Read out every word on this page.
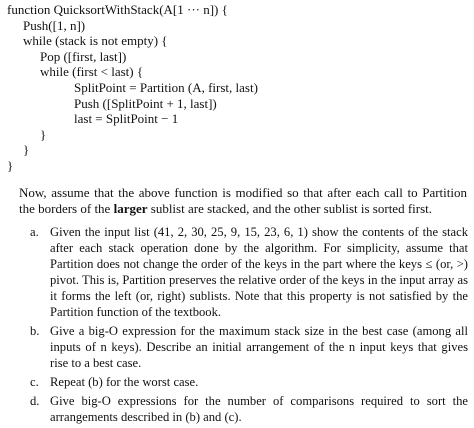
function QuicksortWithStack(A[1 ··· n]) {
Push([1, n])
while (stack is not empty) {
Pop ([first, last])
while (first < last) {
SplitPoint = Partition (A, first, last)
Push ([SplitPoint + 1, last])
last = SplitPoint − 1
}
}
}
Now, assume that the above function is modified so that after each call to Partition the borders of the larger sublist are stacked, and the other sublist is sorted first.
a. Given the input list (41, 2, 30, 25, 9, 15, 23, 6, 1) show the contents of the stack after each stack operation done by the algorithm. For simplicity, assume that Partition does not change the order of the keys in the part where the keys ≤ (or, >) pivot. This is, Partition preserves the relative order of the keys in the input array as it forms the left (or, right) sublists. Note that this property is not satisfied by the Partition function of the textbook.
b. Give a big-O expression for the maximum stack size in the best case (among all inputs of n keys). Describe an initial arrangement of the n input keys that gives rise to a best case.
c. Repeat (b) for the worst case.
d. Give big-O expressions for the number of comparisons required to sort the arrangements described in (b) and (c).
